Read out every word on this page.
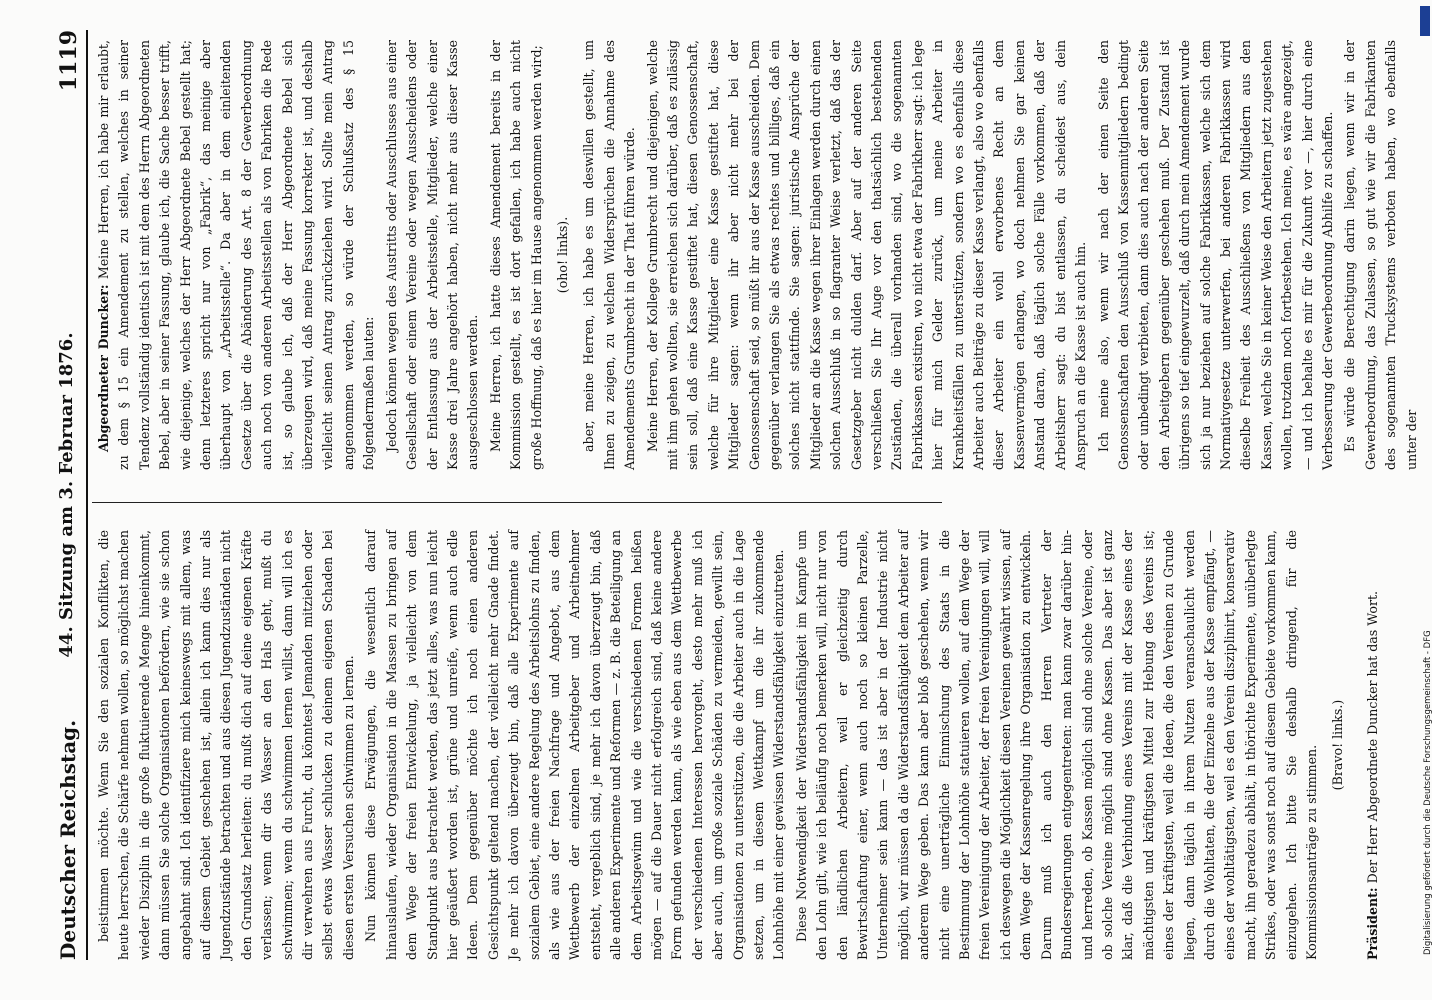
Deutscher Reichstag.
44. Sitzung am 3. Februar 1876.
1119

beistimmen möchte. Wenn Sie den sozialen Konflikten, die heute herrschen, die Schärfe nehmen wollen, so möglichst machen wieder Disziplin in die große fluktuierende Menge hineinkommt, dann müssen Sie solche Organisationen befördern, wie sie schon angebahnt sind. Ich identifiziere mich keineswegs mit allem, was auf diesem Gebiet geschehen ist, allein ich kann dies nur als Jugendzustände betrachten und aus diesen Jugendzuständen nicht den Grundsatz herleiten: du mußt dich auf deine eigenen Kräfte verlassen; wenn dir das Wasser an den Hals geht, mußt du schwimmen; wenn du schwimmen lernen willst, dann will ich es dir verwehren aus Furcht, du könntest Jemanden mitziehen oder selbst etwas Wasser schlucken zu deinem eigenen Schaden bei diesen ersten Versuchen schwimmen zu lernen. Nun können diese Erwägungen, die wesentlich darauf hinauslaufen, wieder Organisation in die Massen zu bringen auf dem Wege der freien Entwickelung, ja vielleicht von dem Standpunkt aus betrachtet werden, das jetzt alles, was nun leicht hier geäußert worden ist, grüne und unreife, wenn auch edle Ideen. Dem gegenüber möchte ich noch einen anderen Gesichtspunkt geltend machen, der vielleicht mehr Gnade findet. Je mehr ich davon überzeugt bin, daß alle Experimente auf sozialem Gebiet, eine andere Regelung des Arbeitslohns zu finden, als wie aus der freien Nachfrage und Angebot, aus dem Wettbewerb der einzelnen Arbeitgeber und Arbeitnehmer entsteht, vergeblich sind, je mehr ich davon überzeugt bin, daß alle anderen Experimente und Reformen — z. B. die Beteiligung an dem Arbeitsgewinn und wie die verschiedenen Formen heißen mögen — auf die Dauer nicht erfolgreich sind, daß keine andere Form gefunden werden kann, als wie eben aus dem Wettbewerbe der verschiedenen Interessen hervorgeht, desto mehr muß ich aber auch, um große soziale Schäden zu vermeiden, gewillt sein, Organisationen zu unterstützen, die die Arbeiter auch in die Lage setzen, um in diesem Wettkampf um die ihr zukommende Lohnhöhe mit einer gewissen Widerstandsfähigkeit einzutreten. Diese Notwendigkeit der Widerstandsfähigkeit im Kampfe um den Lohn gilt, wie ich beiläufig noch bemerken will, nicht nur von den ländlichen Arbeitern, weil er gleichzeitig durch Bewirtschaftung einer, wenn auch noch so kleinen Parzelle, Unternehmer sein kann — das ist aber in der Industrie nicht möglich, wir müssen da die Widerstandsfähigkeit dem Arbeiter auf anderem Wege geben. Das kann aber bloß geschehen, wenn wir nicht eine unerträgliche Einmischung des Staats in die Bestimmung der Lohnhöhe statuieren wollen, auf dem Wege der freien Vereinigung der Arbeiter, der freien Vereinigungen will, will ich deswegen die Möglichkeit diesen Vereinen gewährt wissen, auf dem Wege der Kassenregelung ihre Organisation zu entwickeln. Darum muß ich auch den Herren Vertreter der Bundesregierungen entgegentreten: man kann zwar darüber hin- und herreden, ob Kassen möglich sind ohne solche Vereine, oder ob solche Vereine möglich sind ohne Kassen. Das aber ist ganz klar, daß die Verbindung eines Vereins mit der Kasse eines der mächtigsten und kräftigsten Mittel zur Hebung des Vereins ist; eines der kräftigsten, weil die Ideen, die den Vereinen zu Grunde liegen, dann täglich in ihrem Nutzen veranschaulicht werden durch die Wohltaten, die der Einzelne aus der Kasse empfängt, — eines der wohltätigsten, weil es den Verein disziplinirt, konservativ macht, ihn geradezu abhält, in thörichte Experimente, unüberlegte Strikes, oder was sonst noch auf diesem Gebiete vorkommen kann, einzugehen. Ich bitte Sie deshalb dringend, für die Kommissionsanträge zu stimmen. (Bravo! links.)

Präsident: Der Herr Abgeordnete Duncker hat das Wort.

Abgeordneter Duncker: Meine Herren, ich habe mir erlaubt, zu dem § 15 ein Amendement zu stellen, welches in seiner Tendenz vollständig identisch ist mit dem des Herrn Abgeordneten Bebel, aber in seiner Fassung, glaube ich, die Sache besser trifft, wie diejenige, welches der Herr Abgeordnete Bebel gestellt hat; denn letzteres spricht nur von „Fabrik“, das meinige aber überhaupt von „Arbeitsstelle“. Da aber in dem einleitenden Gesetze über die Abänderung des Art. 8 der Gewerbeordnung auch noch von anderen Arbeitsstellen als von Fabriken die Rede ist, so glaube ich, daß der Herr Abgeordnete Bebel sich überzeugen wird, daß meine Fassung korrekter ist, und deshalb vielleicht seinen Antrag zurückziehen wird. Sollte mein Antrag angenommen werden, so würde der Schlußsatz des § 15 folgendermaßen lauten: Jedoch können wegen des Austritts oder Ausschlusses aus einer Gesellschaft oder einem Vereine oder wegen Ausscheidens oder der Entlassung aus der Arbeitsstelle, Mitglieder, welche einer Kasse drei Jahre angehört haben, nicht mehr aus dieser Kasse ausgeschlossen werden. Meine Herren, ich hatte dieses Amendement bereits in der Kommission gestellt, es ist dort gefallen, ich habe auch nicht große Hoffnung, daß es hier im Hause angenommen werden wird; (oho! links). aber, meine Herren, ich habe es um deswillen gestellt, um Ihnen zu zeigen, zu welchen Widersprüchen die Annahme des Amendements Grumbrecht in der That führen würde. Meine Herren, der Kollege Grumbrecht und diejenigen, welche mit ihm gehen wollten, sie erreichen sich darüber, daß es zulässig sein soll, daß eine Kasse gestiftet hat, diesen Genossenschaft, welche für ihre Mitglieder eine Kasse gestiftet hat, diese Mitglieder sagen: wenn ihr aber nicht mehr bei der Genossenschaft seid, so müßt ihr aus der Kasse ausscheiden. Dem gegenüber verlangen Sie als etwas rechtes und billiges, daß ein solches nicht stattfinde. Sie sagen: juristische Ansprüche der Mitglieder an die Kasse wegen ihrer Einlagen werden durch einen solchen Ausschluß in so flagranter Weise verletzt, daß das der Gesetzgeber nicht dulden darf. Aber auf der anderen Seite verschließen Sie Ihr Auge vor den thatsächlich bestehenden Zuständen, die überall vorhanden sind, wo die sogenannten Fabrikkassen existiren, wo nicht etwa der Fabrikherr sagt: ich lege hier für mich Gelder zurück, um meine Arbeiter in Krankheitsfällen zu unterstützen, sondern wo es ebenfalls diese Arbeiter auch Beiträge zu dieser Kasse verlangt, also wo ebenfalls dieser Arbeiter ein wohl erworbenes Recht an dem Kassenvermögen erlangen, wo doch nehmen Sie gar keinen Anstand daran, daß täglich solche Fälle vorkommen, daß der Arbeitsherr sagt: du bist entlassen, du scheidest aus, dein Anspruch an die Kasse ist auch hin. Ich meine also, wenn wir nach der einen Seite den Genossenschaften den Ausschluß von Kassenmitgliedern bedingt oder unbedingt verbieten, dann dies auch nach der anderen Seite den Arbeitgebern gegenüber geschehen muß. Der Zustand ist übrigens so tief eingewurzelt, daß durch mein Amendement wurde sich ja nur beziehen auf solche Fabrikkassen, welche sich dem Normativgesetze unterwerfen, bei anderen Fabrikkassen wird dieselbe Freiheit des Ausschließens von Mitgliedern aus den Kassen, welche Sie in keiner Weise den Arbeitern jetzt zugestehen wollen, trotzdem noch fortbestehen. Ich meine, es wäre angezeigt, — und ich behalte es mir für die Zukunft vor —, hier durch eine Verbesserung der Gewerbeordnung Abhilfe zu schaffen. Es würde die Berechtigung darin liegen, wenn wir in der Gewerbeordnung, das Zulassen, so gut wie wir die Fabrikanten des sogenannten Trucksystems verboten haben, wo ebenfalls unter der

Digitalisierung gefördert durch die Deutsche Forschungsgemeinschaft - DFG
